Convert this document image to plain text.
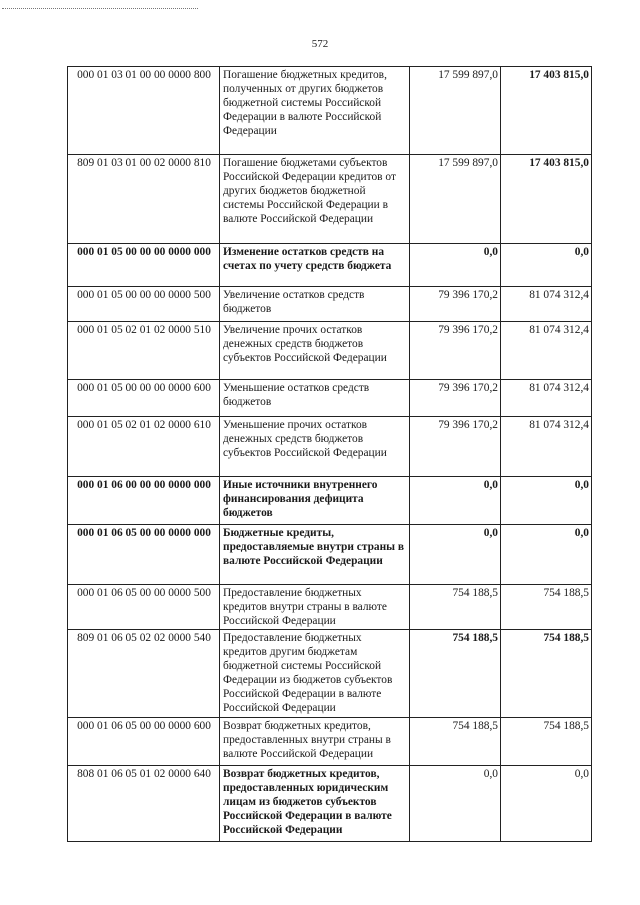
572
000 01 03 01 00 00 0000 800	Погашение бюджетных кредитов, полученных от других бюджетов бюджетной системы Российской Федерации в валюте Российской Федерации	17 599 897,0	17 403 815,0
809 01 03 01 00 02 0000 810	Погашение бюджетами субъектов Российской Федерации кредитов от других бюджетов бюджетной системы Российской Федерации в валюте Российской Федерации	17 599 897,0	17 403 815,0
000 01 05 00 00 00 0000 000	Изменение остатков средств на счетах по учету средств бюджета	0,0	0,0
000 01 05 00 00 00 0000 500	Увеличение остатков средств бюджетов	79 396 170,2	81 074 312,4
000 01 05 02 01 02 0000 510	Увеличение прочих остатков денежных средств бюджетов субъектов Российской Федерации	79 396 170,2	81 074 312,4
000 01 05 00 00 00 0000 600	Уменьшение остатков средств бюджетов	79 396 170,2	81 074 312,4
000 01 05 02 01 02 0000 610	Уменьшение прочих остатков денежных средств бюджетов субъектов Российской Федерации	79 396 170,2	81 074 312,4
000 01 06 00 00 00 0000 000	Иные источники внутреннего финансирования дефицита бюджетов	0,0	0,0
000 01 06 05 00 00 0000 000	Бюджетные кредиты, предоставляемые внутри страны в валюте Российской Федерации	0,0	0,0
000 01 06 05 00 00 0000 500	Предоставление бюджетных кредитов внутри страны в валюте Российской Федерации	754 188,5	754 188,5
809 01 06 05 02 02 0000 540	Предоставление бюджетных кредитов другим бюджетам бюджетной системы Российской Федерации из бюджетов субъектов Российской Федерации в валюте Российской Федерации	754 188,5	754 188,5
000 01 06 05 00 00 0000 600	Возврат бюджетных кредитов, предоставленных внутри страны в валюте Российской Федерации	754 188,5	754 188,5
808 01 06 05 01 02 0000 640	Возврат бюджетных кредитов, предоставленных юридическим лицам из бюджетов субъектов Российской Федерации в валюте Российской Федерации	0,0	0,0
